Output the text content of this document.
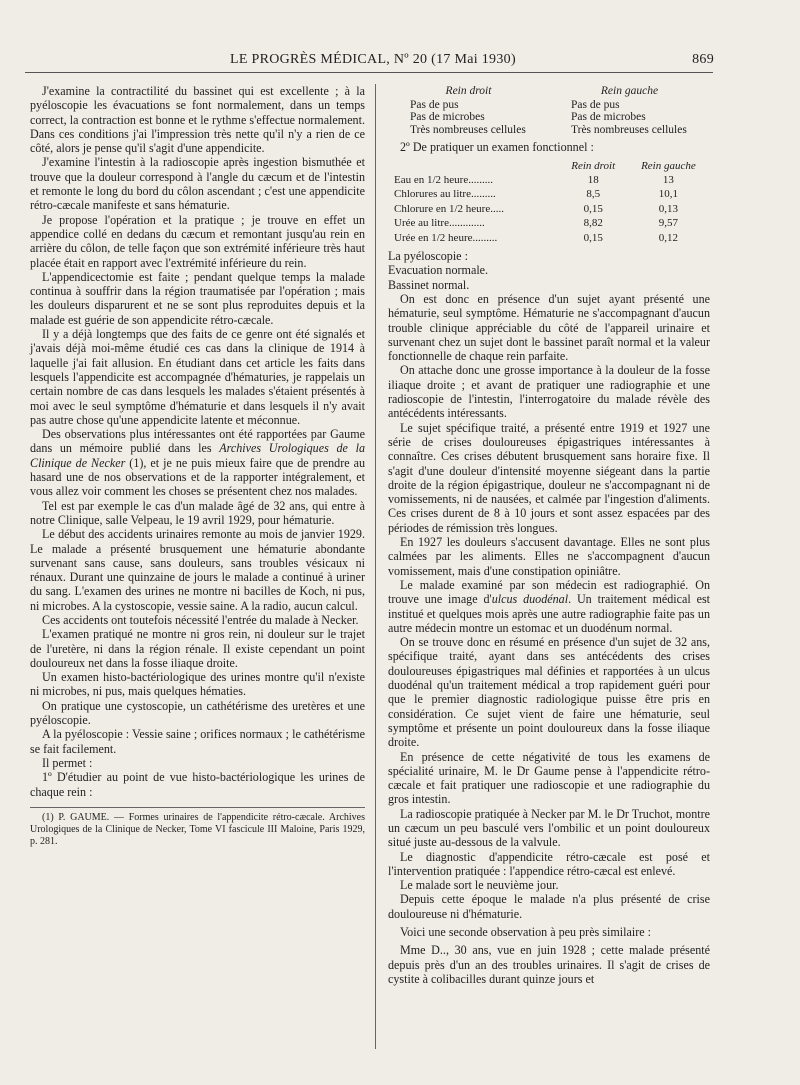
LE PROGRÈS MÉDICAL, Nº 20 (17 Mai 1930)	869

J'examine la contractilité du bassinet qui est excellente ; à la pyéloscopie les évacuations se font normalement, dans un temps correct, la contraction est bonne et le rythme s'effectue normalement. Dans ces conditions j'ai l'impression très nette qu'il n'y a rien de ce côté, alors je pense qu'il s'agit d'une appendicite.

J'examine l'intestin à la radioscopie après ingestion bismuthée et trouve que la douleur correspond à l'angle du cæcum et de l'intestin et remonte le long du bord du côlon ascendant ; c'est une appendicite rétro-cæcale manifeste et sans hématurie.

Je propose l'opération et la pratique ; je trouve en effet un appendice collé en dedans du cæcum et remontant jusqu'au rein en arrière du côlon, de telle façon que son extrémité inférieure très haut placée était en rapport avec l'extrémité inférieure du rein.

L'appendicectomie est faite ; pendant quelque temps la malade continua à souffrir dans la région traumatisée par l'opération ; mais les douleurs disparurent et ne se sont plus reproduites depuis et la malade est guérie de son appendicite rétro-cæcale.

Il y a déjà longtemps que des faits de ce genre ont été signalés et j'avais déjà moi-même étudié ces cas dans la clinique de 1914 à laquelle j'ai fait allusion. En étudiant dans cet article les faits dans lesquels l'appendicite est accompagnée d'hématuries, je rappelais un certain nombre de cas dans lesquels les malades s'étaient présentés à moi avec le seul symptôme d'hématurie et dans lesquels il n'y avait pas autre chose qu'une appendicite latente et méconnue.

Des observations plus intéressantes ont été rapportées par Gaume dans un mémoire publié dans les Archives Urologiques de la Clinique de Necker (1), et je ne puis mieux faire que de prendre au hasard une de nos observations et de la rapporter intégralement, et vous allez voir comment les choses se présentent chez nos malades.

Tel est par exemple le cas d'un malade âgé de 32 ans, qui entre à notre Clinique, salle Velpeau, le 19 avril 1929, pour hématurie.

Le début des accidents urinaires remonte au mois de janvier 1929. Le malade a présenté brusquement une hématurie abondante survenant sans cause, sans douleurs, sans troubles vésicaux ni rénaux. Durant une quinzaine de jours le malade a continué à uriner du sang. L'examen des urines ne montre ni bacilles de Koch, ni pus, ni microbes. A la cystoscopie, vessie saine. A la radio, aucun calcul.

Ces accidents ont toutefois nécessité l'entrée du malade à Necker.

L'examen pratiqué ne montre ni gros rein, ni douleur sur le trajet de l'uretère, ni dans la région rénale. Il existe cependant un point douloureux net dans la fosse iliaque droite.

Un examen histo-bactériologique des urines montre qu'il n'existe ni microbes, ni pus, mais quelques hématies.

On pratique une cystoscopie, un cathétérisme des uretères et une pyéloscopie.

A la pyéloscopie : Vessie saine ; orifices normaux ; le cathétérisme se fait facilement.

Il permet :

1º D'étudier au point de vue histo-bactériologique les urines de chaque rein :

(1) P. GAUME. — Formes urinaires de l'appendicite rétro-cæcale. Archives Urologiques de la Clinique de Necker, Tome VI fascicule III Maloine, Paris 1929, p. 281.

Rein droit	Rein gauche
Pas de pus	Pas de pus
Pas de microbes	Pas de microbes
Très nombreuses cellules	Très nombreuses cellules

2º De pratiquer un examen fonctionnel :

	Rein droit	Rein gauche
Eau en 1/2 heure.........	18	13
Chlorures au litre.........	8,5	10,1
Chlorure en 1/2 heure.....	0,15	0,13
Urée au litre.............	8,82	9,57
Urée en 1/2 heure.........	0,15	0,12

La pyéloscopie :

Evacuation normale.

Bassinet normal.

On est donc en présence d'un sujet ayant présenté une hématurie, seul symptôme. Hématurie ne s'accompagnant d'aucun trouble clinique appréciable du côté de l'appareil urinaire et survenant chez un sujet dont le bassinet paraît normal et la valeur fonctionnelle de chaque rein parfaite.

On attache donc une grosse importance à la douleur de la fosse iliaque droite ; et avant de pratiquer une radiographie et une radioscopie de l'intestin, l'interrogatoire du malade révèle des antécédents intéressants.

Le sujet spécifique traité, a présenté entre 1919 et 1927 une série de crises douloureuses épigastriques intéressantes à connaître. Ces crises débutent brusquement sans horaire fixe. Il s'agit d'une douleur d'intensité moyenne siégeant dans la partie droite de la région épigastrique, douleur ne s'accompagnant ni de vomissements, ni de nausées, et calmée par l'ingestion d'aliments. Ces crises durent de 8 à 10 jours et sont assez espacées par des périodes de rémission très longues.

En 1927 les douleurs s'accusent davantage. Elles ne sont plus calmées par les aliments. Elles ne s'accompagnent d'aucun vomissement, mais d'une constipation opiniâtre.

Le malade examiné par son médecin est radiographié. On trouve une image d'ulcus duodénal. Un traitement médical est institué et quelques mois après une autre radiographie faite pas un autre médecin montre un estomac et un duodénum normal.

On se trouve donc en résumé en présence d'un sujet de 32 ans, spécifique traité, ayant dans ses antécédents des crises douloureuses épigastriques mal définies et rapportées à un ulcus duodénal qu'un traitement médical a trop rapidement guéri pour que le premier diagnostic radiologique puisse être pris en considération. Ce sujet vient de faire une hématurie, seul symptôme et présente un point douloureux dans la fosse iliaque droite.

En présence de cette négativité de tous les examens de spécialité urinaire, M. le Dr Gaume pense à l'appendicite rétro-cæcale et fait pratiquer une radioscopie et une radiographie du gros intestin.

La radioscopie pratiquée à Necker par M. le Dr Truchot, montre un cæcum un peu basculé vers l'ombilic et un point douloureux situé juste au-dessous de la valvule.

Le diagnostic d'appendicite rétro-cæcale est posé et l'intervention pratiquée : l'appendice rétro-cæcal est enlevé.

Le malade sort le neuvième jour.

Depuis cette époque le malade n'a plus présenté de crise douloureuse ni d'hématurie.

Voici une seconde observation à peu près similaire :

Mme D.., 30 ans, vue en juin 1928 ; cette malade présenté depuis près d'un an des troubles urinaires. Il s'agit de crises de cystite à colibacilles durant quinze jours et
